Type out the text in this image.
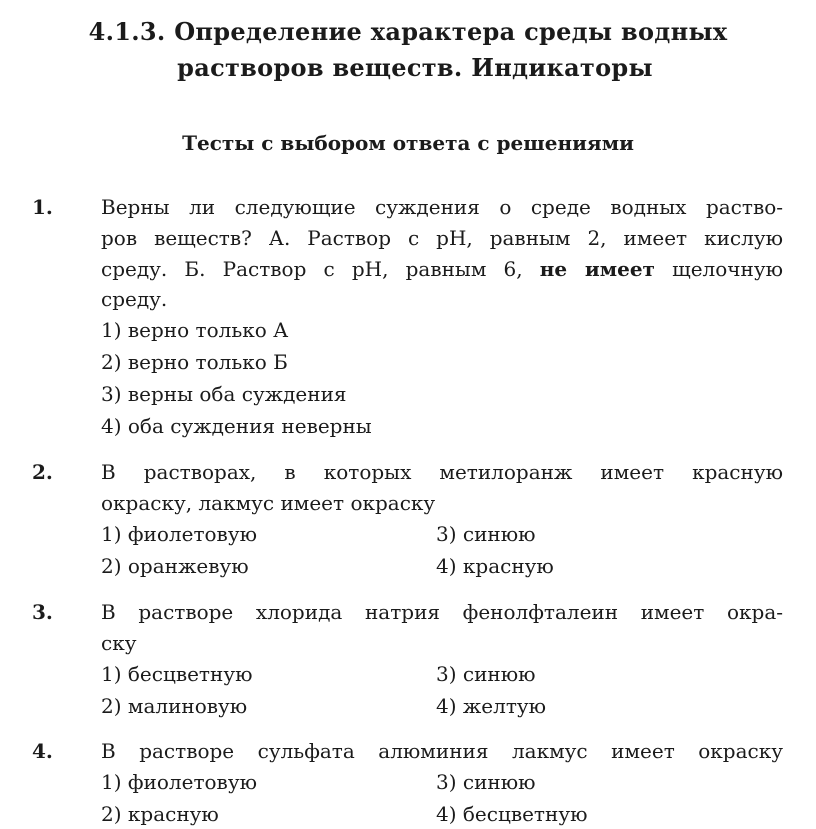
4.1.3. Определение характера среды водных
растворов веществ. Индикаторы
Тесты с выбором ответа с решениями
1. Верны ли следующие суждения о среде водных раство-
ров веществ? А. Раствор с pH, равным 2, имеет кислую
среду. Б. Раствор с pH, равным 6, не имеет щелочную
среду.
1) верно только А
2) верно только Б
3) верны оба суждения
4) оба суждения неверны
2. В растворах, в которых метилоранж имеет красную
окраску, лакмус имеет окраску
1) фиолетовую	3) синюю
2) оранжевую	4) красную
3. В растворе хлорида натрия фенолфталеин имеет окра-
ску
1) бесцветную	3) синюю
2) малиновую	4) желтую
4. В растворе сульфата алюминия лакмус имеет окраску
1) фиолетовую	3) синюю
2) красную	4) бесцветную
